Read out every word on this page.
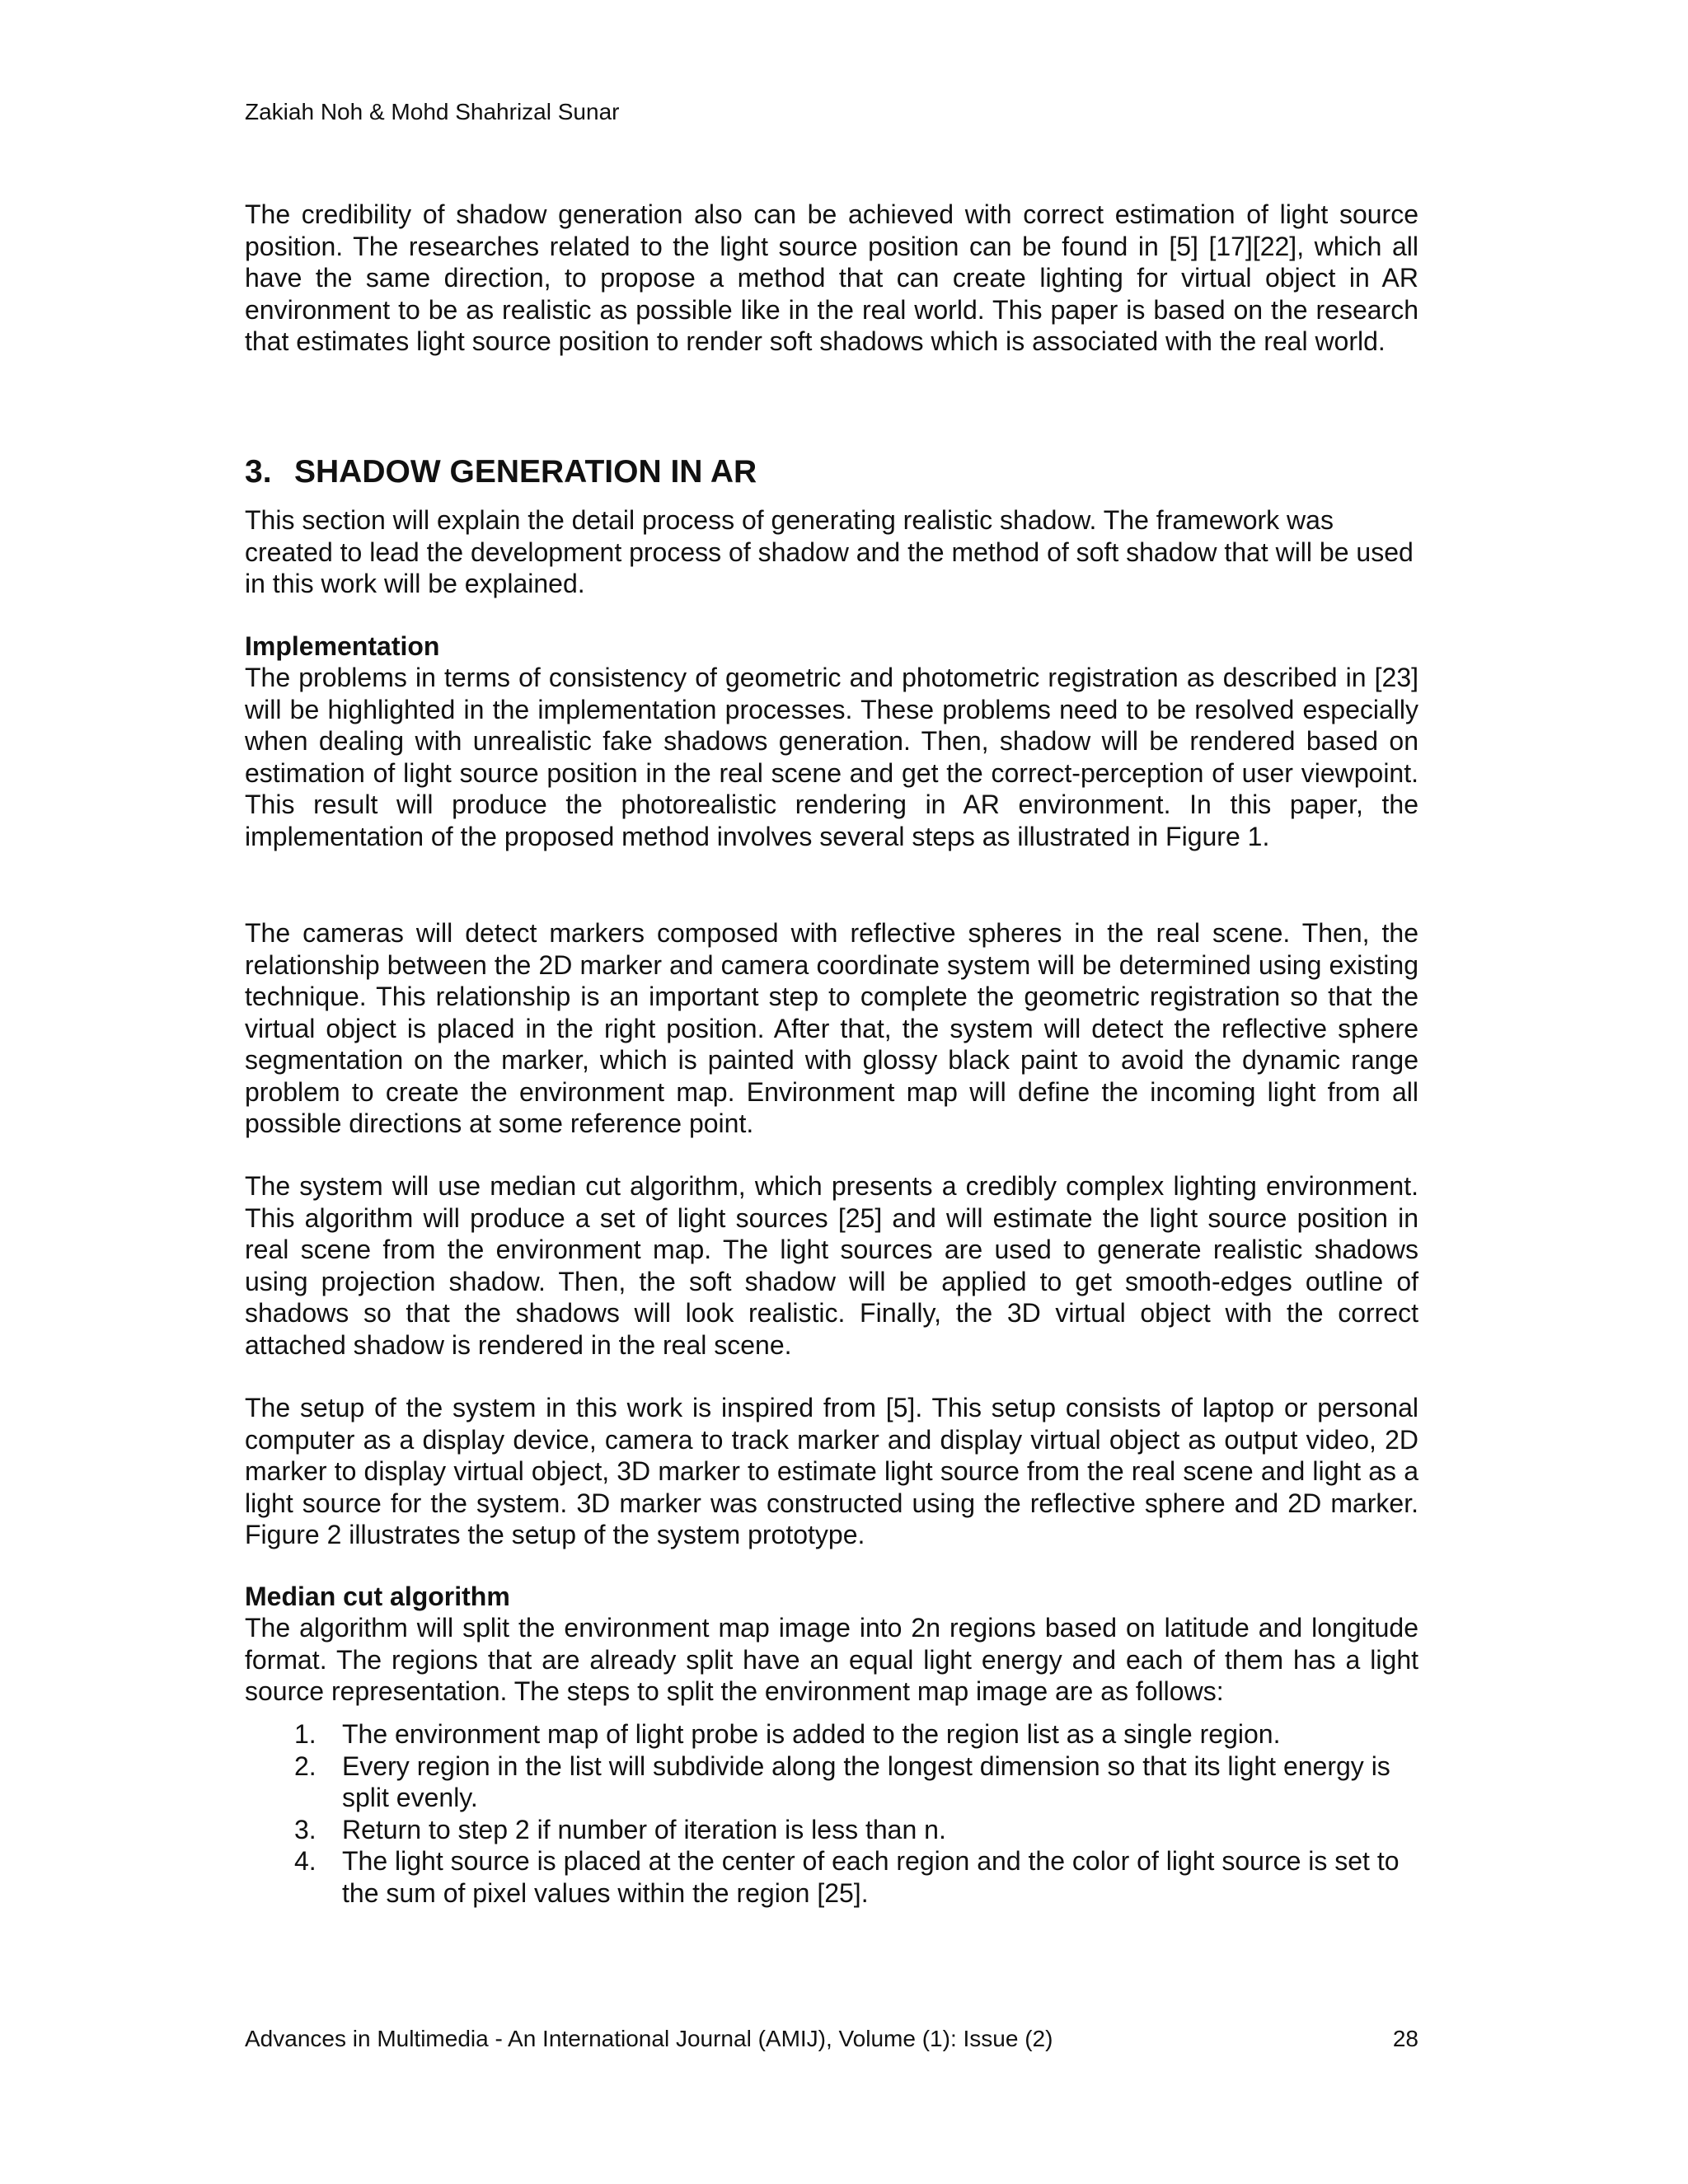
Zakiah Noh & Mohd Shahrizal Sunar

The credibility of shadow generation also can be achieved with correct estimation of light source position. The researches related to the light source position can be found in [5] [17][22], which all have the same direction, to propose a method that can create lighting for virtual object in AR environment to be as realistic as possible like in the real world. This paper is based on the research that estimates light source position to render soft shadows which is associated with the real world.

3. SHADOW GENERATION IN AR

This section will explain the detail process of generating realistic shadow. The framework was created to lead the development process of shadow and the method of soft shadow that will be used in this work will be explained.

Implementation

The problems in terms of consistency of geometric and photometric registration as described in [23] will be highlighted in the implementation processes. These problems need to be resolved especially when dealing with unrealistic fake shadows generation. Then, shadow will be rendered based on estimation of light source position in the real scene and get the correct-perception of user viewpoint. This result will produce the photorealistic rendering in AR environment. In this paper, the implementation of the proposed method involves several steps as illustrated in Figure 1.

The cameras will detect markers composed with reflective spheres in the real scene. Then, the relationship between the 2D marker and camera coordinate system will be determined using existing technique. This relationship is an important step to complete the geometric registration so that the virtual object is placed in the right position. After that, the system will detect the reflective sphere segmentation on the marker, which is painted with glossy black paint to avoid the dynamic range problem to create the environment map. Environment map will define the incoming light from all possible directions at some reference point.

The system will use median cut algorithm, which presents a credibly complex lighting environment. This algorithm will produce a set of light sources [25] and will estimate the light source position in real scene from the environment map. The light sources are used to generate realistic shadows using projection shadow. Then, the soft shadow will be applied to get smooth-edges outline of shadows so that the shadows will look realistic. Finally, the 3D virtual object with the correct attached shadow is rendered in the real scene.

The setup of the system in this work is inspired from [5]. This setup consists of laptop or personal computer as a display device, camera to track marker and display virtual object as output video, 2D marker to display virtual object, 3D marker to estimate light source from the real scene and light as a light source for the system. 3D marker was constructed using the reflective sphere and 2D marker. Figure 2 illustrates the setup of the system prototype.

Median cut algorithm

The algorithm will split the environment map image into 2n regions based on latitude and longitude format. The regions that are already split have an equal light energy and each of them has a light source representation. The steps to split the environment map image are as follows:

1. The environment map of light probe is added to the region list as a single region.
2. Every region in the list will subdivide along the longest dimension so that its light energy is split evenly.
3. Return to step 2 if number of iteration is less than n.
4. The light source is placed at the center of each region and the color of light source is set to the sum of pixel values within the region [25].
Advances in Multimedia - An International Journal (AMIJ), Volume (1): Issue (2)	28
